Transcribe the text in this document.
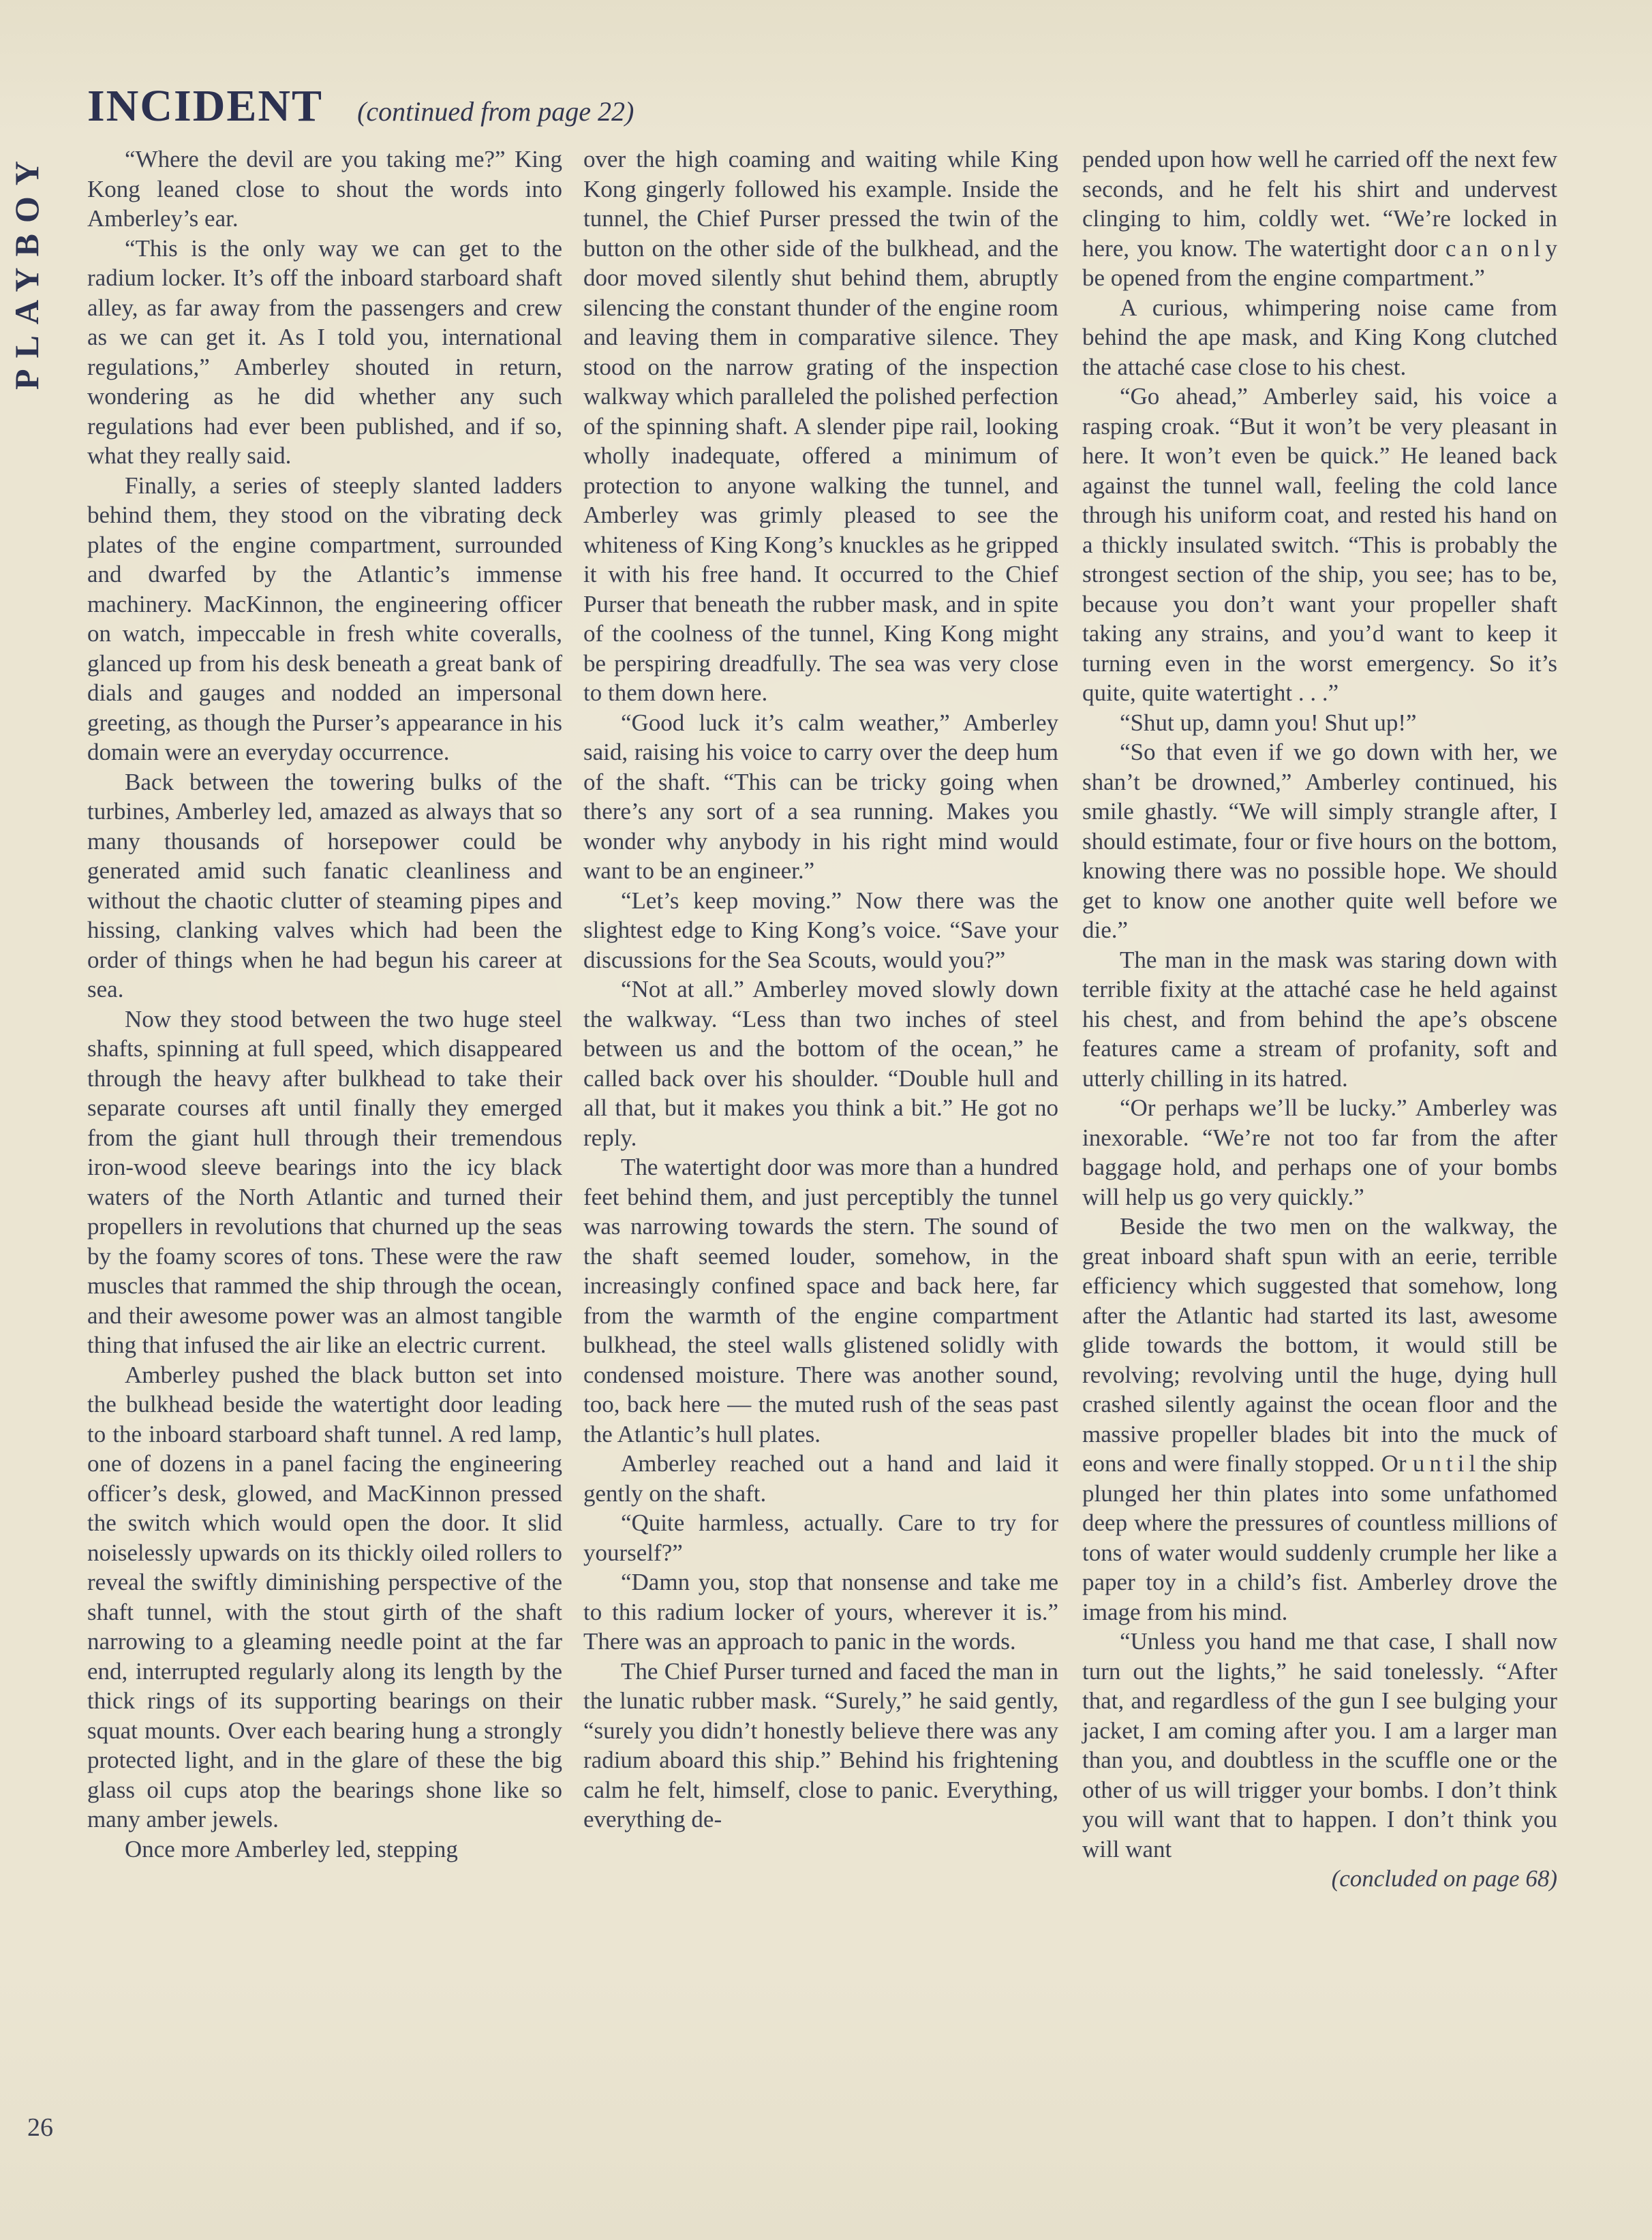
PLAYBOY
INCIDENT (continued from page 22)

“Where the devil are you taking me?” King Kong leaned close to shout the words into Amberley’s ear.

“This is the only way we can get to the radium locker. It’s off the inboard starboard shaft alley, as far away from the passengers and crew as we can get it. As I told you, international regulations,” Amberley shouted in return, wondering as he did whether any such regulations had ever been published, and if so, what they really said.

Finally, a series of steeply slanted ladders behind them, they stood on the vibrating deck plates of the engine compartment, surrounded and dwarfed by the Atlantic’s immense machinery. MacKinnon, the engineering officer on watch, impeccable in fresh white coveralls, glanced up from his desk beneath a great bank of dials and gauges and nodded an impersonal greeting, as though the Purser’s appearance in his domain were an everyday occurrence.

Back between the towering bulks of the turbines, Amberley led, amazed as always that so many thousands of horsepower could be generated amid such fanatic cleanliness and without the chaotic clutter of steaming pipes and hissing, clanking valves which had been the order of things when he had begun his career at sea.

Now they stood between the two huge steel shafts, spinning at full speed, which disappeared through the heavy after bulkhead to take their separate courses aft until finally they emerged from the giant hull through their tremendous iron-wood sleeve bearings into the icy black waters of the North Atlantic and turned their propellers in revolutions that churned up the seas by the foamy scores of tons. These were the raw muscles that rammed the ship through the ocean, and their awesome power was an almost tangible thing that infused the air like an electric current.

Amberley pushed the black button set into the bulkhead beside the watertight door leading to the inboard starboard shaft tunnel. A red lamp, one of dozens in a panel facing the engineering officer’s desk, glowed, and MacKinnon pressed the switch which would open the door. It slid noiselessly upwards on its thickly oiled rollers to reveal the swiftly diminishing perspective of the shaft tunnel, with the stout girth of the shaft narrowing to a gleaming needle point at the far end, interrupted regularly along its length by the thick rings of its supporting bearings on their squat mounts. Over each bearing hung a strongly protected light, and in the glare of these the big glass oil cups atop the bearings shone like so many amber jewels.

Once more Amberley led, stepping

over the high coaming and waiting while King Kong gingerly followed his example. Inside the tunnel, the Chief Purser pressed the twin of the button on the other side of the bulkhead, and the door moved silently shut behind them, abruptly silencing the constant thunder of the engine room and leaving them in comparative silence. They stood on the narrow grating of the inspection walkway which paralleled the polished perfection of the spinning shaft. A slender pipe rail, looking wholly inadequate, offered a minimum of protection to anyone walking the tunnel, and Amberley was grimly pleased to see the whiteness of King Kong’s knuckles as he gripped it with his free hand. It occurred to the Chief Purser that beneath the rubber mask, and in spite of the coolness of the tunnel, King Kong might be perspiring dreadfully. The sea was very close to them down here.

“Good luck it’s calm weather,” Amberley said, raising his voice to carry over the deep hum of the shaft. “This can be tricky going when there’s any sort of a sea running. Makes you wonder why anybody in his right mind would want to be an engineer.”

“Let’s keep moving.” Now there was the slightest edge to King Kong’s voice. “Save your discussions for the Sea Scouts, would you?”

“Not at all.” Amberley moved slowly down the walkway. “Less than two inches of steel between us and the bottom of the ocean,” he called back over his shoulder. “Double hull and all that, but it makes you think a bit.” He got no reply.

The watertight door was more than a hundred feet behind them, and just perceptibly the tunnel was narrowing towards the stern. The sound of the shaft seemed louder, somehow, in the increasingly confined space and back here, far from the warmth of the engine compartment bulkhead, the steel walls glistened solidly with condensed moisture. There was another sound, too, back here — the muted rush of the seas past the Atlantic’s hull plates.

Amberley reached out a hand and laid it gently on the shaft.

“Quite harmless, actually. Care to try for yourself?”

“Damn you, stop that nonsense and take me to this radium locker of yours, wherever it is.” There was an approach to panic in the words.

The Chief Purser turned and faced the man in the lunatic rubber mask. “Surely,” he said gently, “surely you didn’t honestly believe there was any radium aboard this ship.” Behind his frightening calm he felt, himself, close to panic. Everything, everything de-

pended upon how well he carried off the next few seconds, and he felt his shirt and undervest clinging to him, coldly wet. “We’re locked in here, you know. The watertight door c a n  o n l y be opened from the engine compartment.”

A curious, whimpering noise came from behind the ape mask, and King Kong clutched the attaché case close to his chest.

“Go ahead,” Amberley said, his voice a rasping croak. “But it won’t be very pleasant in here. It won’t even be quick.” He leaned back against the tunnel wall, feeling the cold lance through his uniform coat, and rested his hand on a thickly insulated switch. “This is probably the strongest section of the ship, you see; has to be, because you don’t want your propeller shaft taking any strains, and you’d want to keep it turning even in the worst emergency. So it’s quite, quite watertight . . .”

“Shut up, damn you! Shut up!”

“So that even if we go down with her, we shan’t be drowned,” Amberley continued, his smile ghastly. “We will simply strangle after, I should estimate, four or five hours on the bottom, knowing there was no possible hope. We should get to know one another quite well before we die.”

The man in the mask was staring down with terrible fixity at the attaché case he held against his chest, and from behind the ape’s obscene features came a stream of profanity, soft and utterly chilling in its hatred.

“Or perhaps we’ll be lucky.” Amberley was inexorable. “We’re not too far from the after baggage hold, and perhaps one of your bombs will help us go very quickly.”

Beside the two men on the walkway, the great inboard shaft spun with an eerie, terrible efficiency which suggested that somehow, long after the Atlantic had started its last, awesome glide towards the bottom, it would still be revolving; revolving until the huge, dying hull crashed silently against the ocean floor and the massive propeller blades bit into the muck of eons and were finally stopped. Or u n t i l the ship plunged her thin plates into some unfathomed deep where the pressures of countless millions of tons of water would suddenly crumple her like a paper toy in a child’s fist. Amberley drove the image from his mind.

“Unless you hand me that case, I shall now turn out the lights,” he said tonelessly. “After that, and regardless of the gun I see bulging your jacket, I am coming after you. I am a larger man than you, and doubtless in the scuffle one or the other of us will trigger your bombs. I don’t think you will want that to happen. I don’t think you will want

(concluded on page 68)

26
